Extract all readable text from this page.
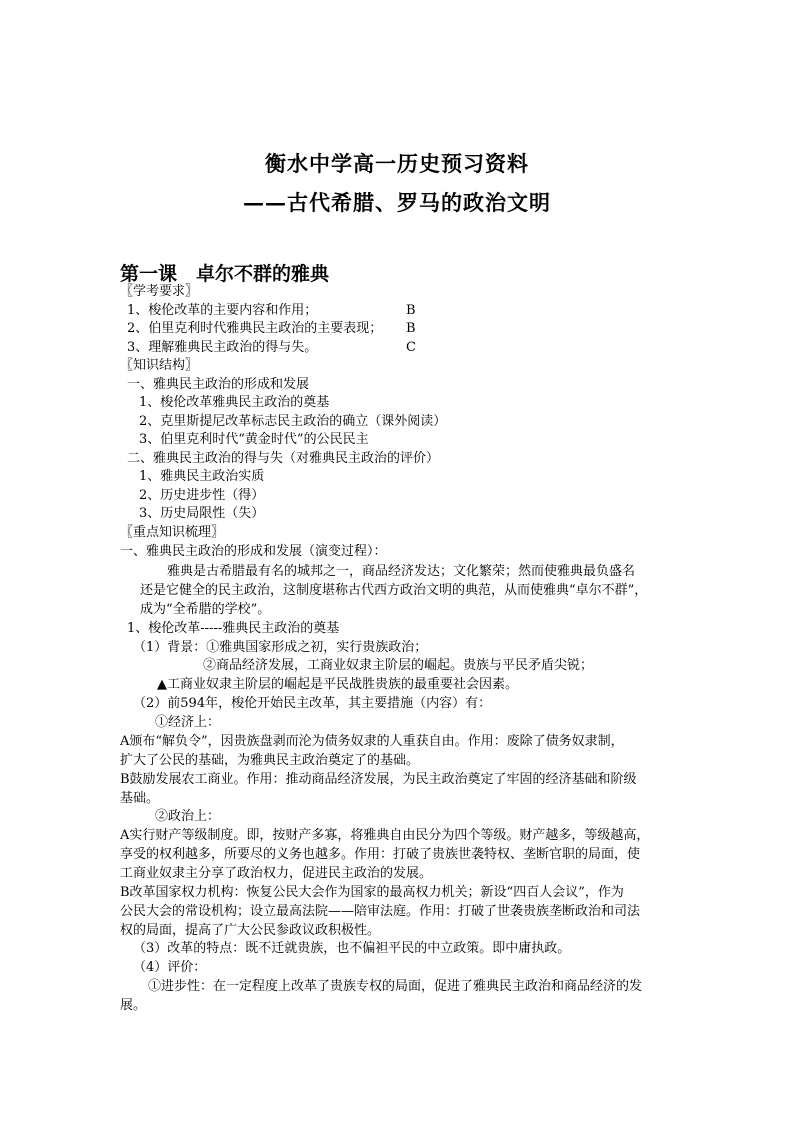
衡水中学高一历史预习资料
——古代希腊、罗马的政治文明
第一课　卓尔不群的雅典
〖学考要求〗
1、梭伦改革的主要内容和作用；	B
2、伯里克利时代雅典民主政治的主要表现； B
3、理解雅典民主政治的得与失。	C
〖知识结构〗
一、雅典民主政治的形成和发展
1、梭伦改革雅典民主政治的奠基
2、克里斯提尼改革标志民主政治的确立（课外阅读）
3、伯里克利时代“黄金时代”的公民民主
二、雅典民主政治的得与失（对雅典民主政治的评价）
1、雅典民主政治实质
2、历史进步性（得）
3、历史局限性（失）
〖重点知识梳理〗
一、雅典民主政治的形成和发展（演变过程）：
雅典是古希腊最有名的城邦之一，商品经济发达；文化繁荣；然而使雅典最负盛名
还是它健全的民主政治，这制度堪称古代西方政治文明的典范，从而使雅典“卓尔不群”，
成为“全希腊的学校”。
1、梭伦改革-----雅典民主政治的奠基
（1）背景：①雅典国家形成之初，实行贵族政治；
②商品经济发展，工商业奴隶主阶层的崛起。贵族与平民矛盾尖锐；
▲工商业奴隶主阶层的崛起是平民战胜贵族的最重要社会因素。
（2）前594年，梭伦开始民主改革，其主要措施（内容）有：
①经济上：
A颁布“解负令”，因贵族盘剥而沦为债务奴隶的人重获自由。作用：废除了债务奴隶制，
扩大了公民的基础，为雅典民主政治奠定了的基础。
B鼓励发展农工商业。作用：推动商品经济发展，为民主政治奠定了牢固的经济基础和阶级
基础。
②政治上：
A实行财产等级制度。即，按财产多寡，将雅典自由民分为四个等级。财产越多，等级越高，
享受的权利越多，所要尽的义务也越多。作用：打破了贵族世袭特权、垄断官职的局面，使
工商业奴隶主分享了政治权力，促进民主政治的发展。
B改革国家权力机构：恢复公民大会作为国家的最高权力机关；新设“四百人会议”，作为
公民大会的常设机构；设立最高法院——陪审法庭。作用：打破了世袭贵族垄断政治和司法
权的局面，提高了广大公民参政议政积极性。
（3）改革的特点：既不迁就贵族，也不偏袒平民的中立政策。即中庸执政。
（4）评价：
①进步性：在一定程度上改革了贵族专权的局面，促进了雅典民主政治和商品经济的发
展。
